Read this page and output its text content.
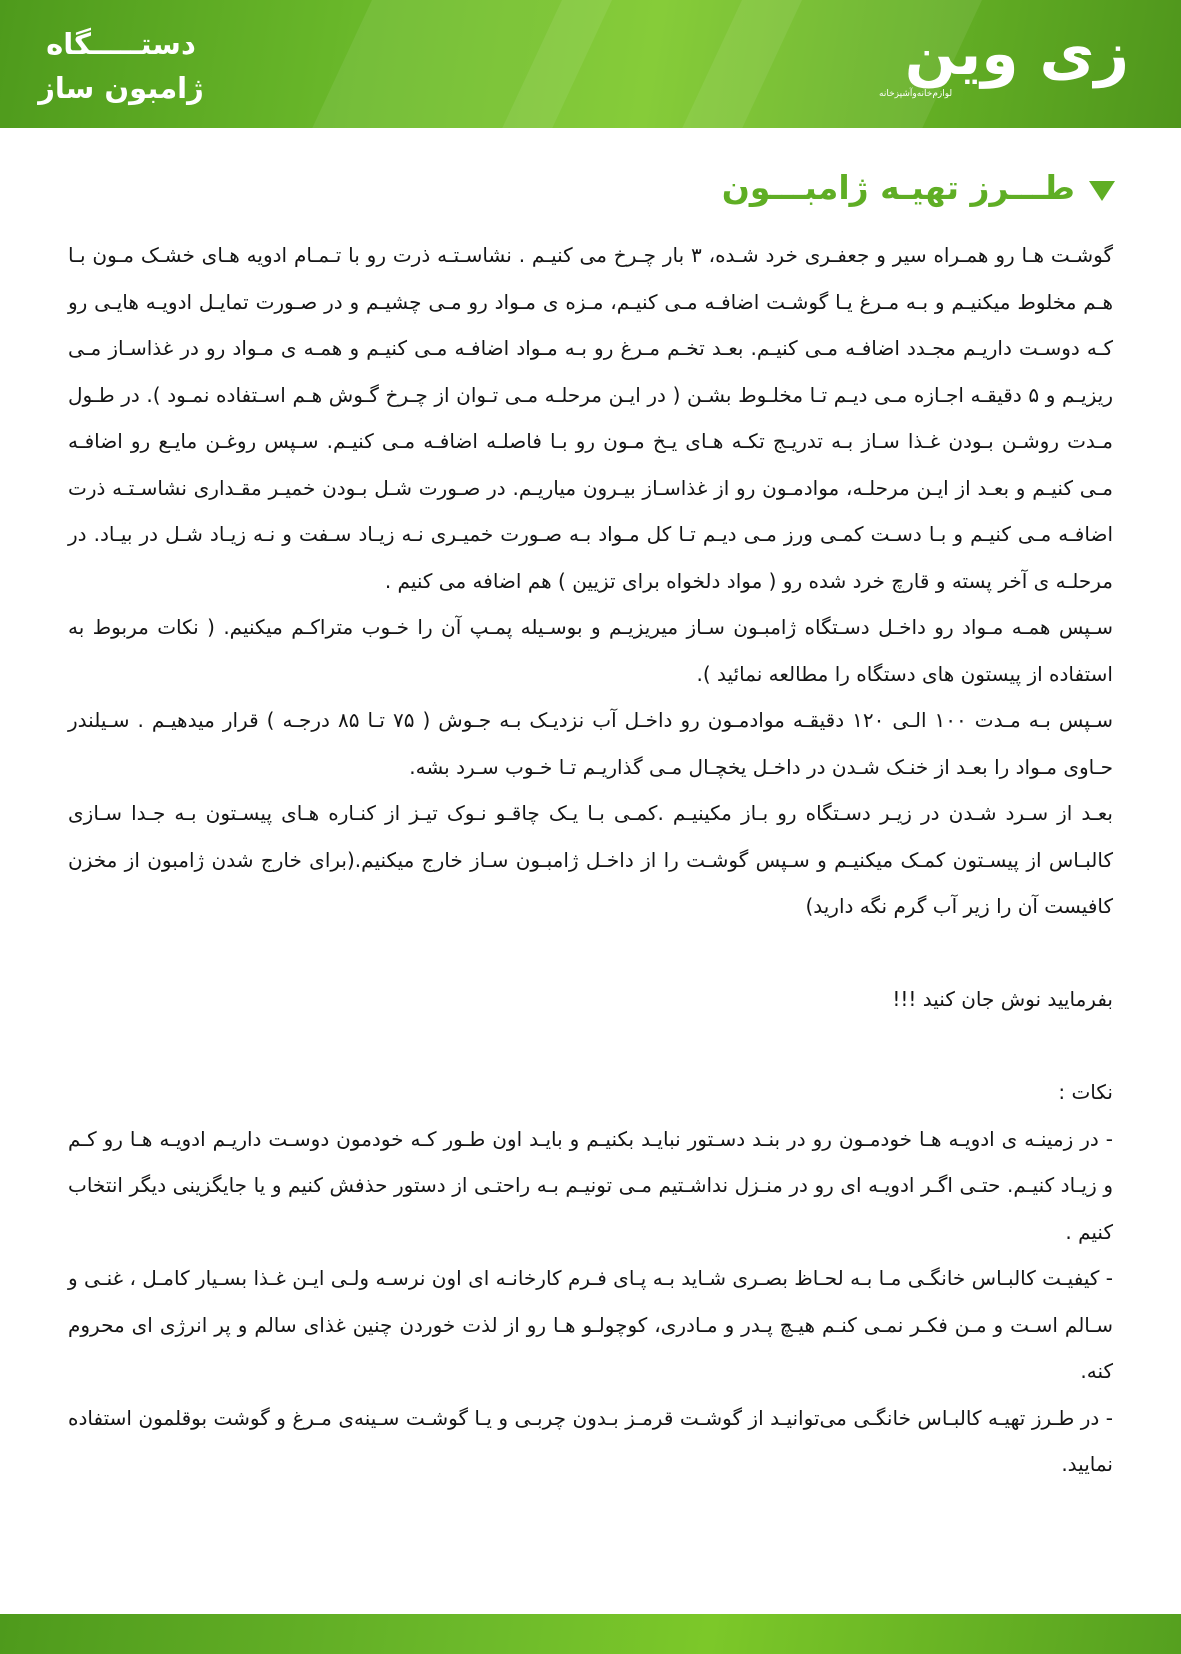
دستـــــگاه
ژامبون ساز	زی وین
لوازم‌خانه‌وآشپزخانه
طـــرز تهیـه ژامبـــون

گوشـت هـا رو همـراه سیر و جعفـری خرد شـده، ۳ بار چـرخ می کنیـم . نشاسـتـه ذرت رو با تـمـام ادویه هـای خشـک مـون بـا هـم مخلوط میکنیـم و بـه مـرغ یـا گوشـت اضافـه مـی کنیـم، مـزه ی مـواد رو مـی چشیـم و در صـورت تمایـل ادویـه هایـی رو کـه دوسـت داریـم مجـدد اضافـه مـی کنیـم. بعـد تخـم مـرغ رو بـه مـواد اضافـه مـی کنیـم و همـه ی مـواد رو در غذاسـاز مـی ریزیـم و ۵ دقیقـه اجـازه مـی دیـم تـا مخلـوط بشـن ( در ایـن مرحلـه مـی تـوان از چـرخ گـوش هـم اسـتفاده نمـود ). در طـول مـدت روشـن بـودن غـذا سـاز بـه تدریـج تکـه هـای یـخ مـون رو بـا فاصلـه اضافـه مـی کنیـم. سـپس روغـن مایـع رو اضافـه مـی کنیـم و بعـد از ایـن مرحلـه، موادمـون رو از غذاسـاز بیـرون میاریـم. در صـورت شـل بـودن خمیـر مقـداری نشاسـتـه ذرت اضافـه مـی کنیـم و بـا دسـت کمـی ورز مـی دیـم تـا کل مـواد بـه صـورت خمیـری نـه زیـاد سـفت و نـه زیـاد شـل در بیـاد. در مرحلـه ی آخر پسته و قارچ خرد شده رو ( مواد دلخواه برای تزیین ) هم اضافه می کنیم .

سـپس همـه مـواد رو داخـل دسـتگاه ژامبـون سـاز میریزیـم و بوسـیله پمـپ آن را خـوب متراکـم میکنیم. ( نکات مربوط به استفاده از پیستون های دستگاه را مطالعه نمائید ).

سـپس بـه مـدت ۱۰۰ الـی ۱۲۰ دقیقـه موادمـون رو داخـل آب نزدیـک بـه جـوش ( ۷۵ تـا ۸۵ درجـه ) قرار میدهیـم . سـیلندر حـاوی مـواد را بعـد از خنـک شـدن در داخـل یخچـال مـی گذاریـم تـا خـوب سـرد بشه.

بعـد از سـرد شـدن در زیـر دسـتگاه رو بـاز مکینیـم .کمـی بـا یـک چاقـو نـوک تیـز از کنـاره هـای پیسـتون بـه جـدا سـازی کالبـاس از پیسـتون کمـک میکنیـم و سـپس گوشـت را از داخـل ژامبـون سـاز خارج میکنیم.(برای خارج شدن ژامبون از مخزن کافیست آن را زیر آب گرم نگه دارید)

بفرمایید نوش جان کنید !!!

نکات :

- در زمینـه ی ادویـه هـا خودمـون رو در بنـد دسـتور نبایـد بکنیـم و بایـد اون طـور کـه خودمون دوسـت داریـم ادویـه هـا رو کـم و زیـاد کنیـم. حتـی اگـر ادویـه ای رو در منـزل نداشـتیم مـی تونیـم بـه راحتـی از دستور حذفش کنیم و یا جایگزینی دیگر انتخاب کنیم .

- کیفیـت کالبـاس خانگـی مـا بـه لحـاظ بصـری شـاید بـه پـای فـرم کارخانـه ای اون نرسـه ولـی ایـن غـذا بسـیار کامـل ، غنـی و سـالم اسـت و مـن فکـر نمـی کنـم هیـچ پـدر و مـادری، کوچولـو هـا رو از لذت خوردن چنین غذای سالم و پر انرژی ای محروم کنه.

- در طـرز تهیـه کالبـاس خانگـی می‌توانیـد از گوشـت قرمـز بـدون چربـی و یـا گوشـت سـینه‌ی مـرغ و گوشت بوقلمون استفاده نمایید.
